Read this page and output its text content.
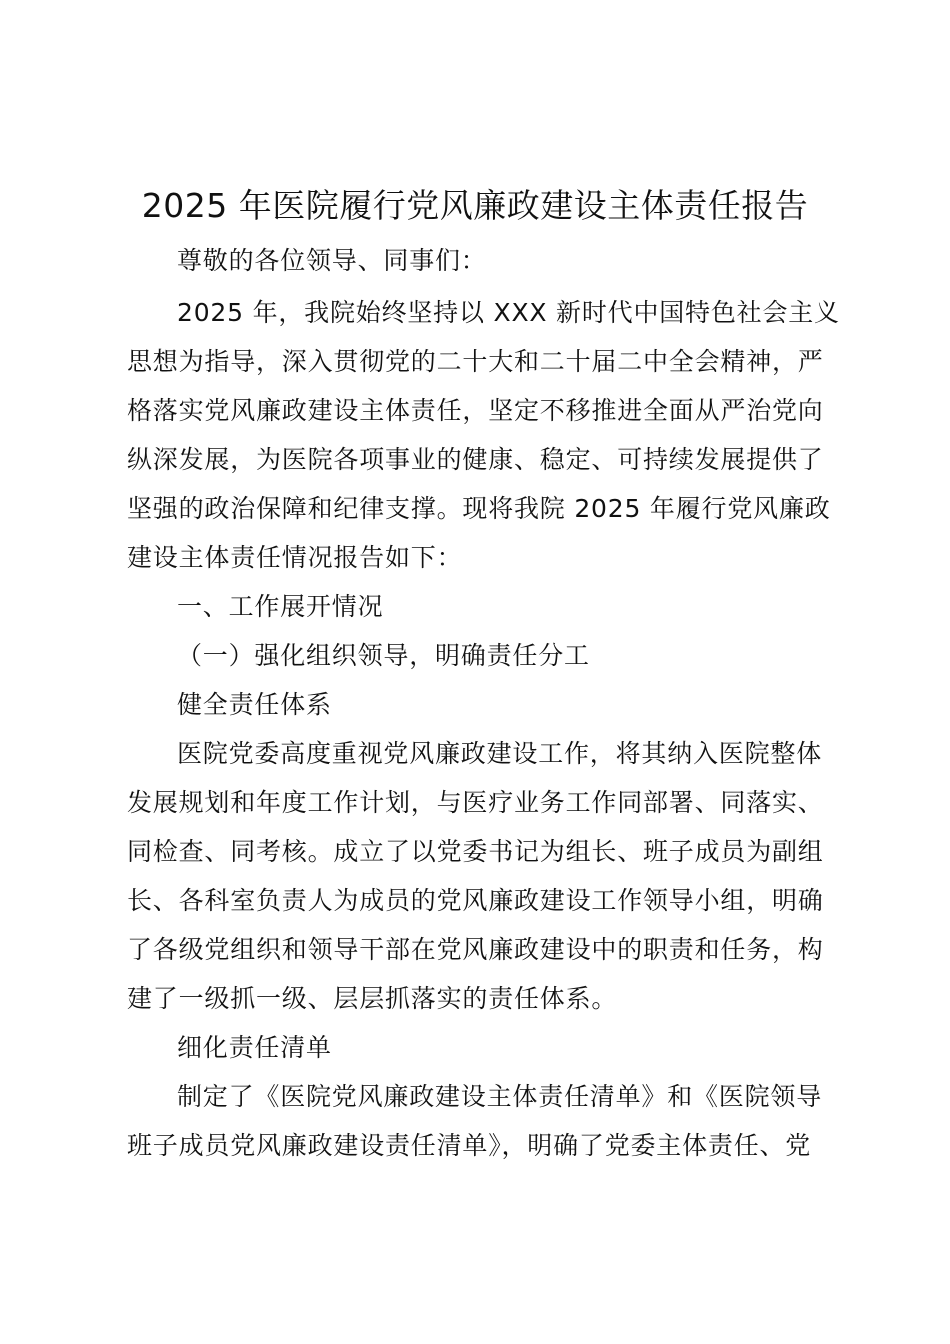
2025 年医院履行党风廉政建设主体责任报告
尊敬的各位领导、同事们：
2025 年，我院始终坚持以 XXX 新时代中国特色社会主义
思想为指导，深入贯彻党的二十大和二十届二中全会精神，严
格落实党风廉政建设主体责任，坚定不移推进全面从严治党向
纵深发展，为医院各项事业的健康、稳定、可持续发展提供了
坚强的政治保障和纪律支撑。现将我院 2025 年履行党风廉政
建设主体责任情况报告如下：
一、工作展开情况
（一）强化组织领导，明确责任分工
健全责任体系
医院党委高度重视党风廉政建设工作，将其纳入医院整体
发展规划和年度工作计划，与医疗业务工作同部署、同落实、
同检查、同考核。成立了以党委书记为组长、班子成员为副组
长、各科室负责人为成员的党风廉政建设工作领导小组，明确
了各级党组织和领导干部在党风廉政建设中的职责和任务，构
建了一级抓一级、层层抓落实的责任体系。
细化责任清单
制定了《医院党风廉政建设主体责任清单》和《医院领导
班子成员党风廉政建设责任清单》，明确了党委主体责任、党
